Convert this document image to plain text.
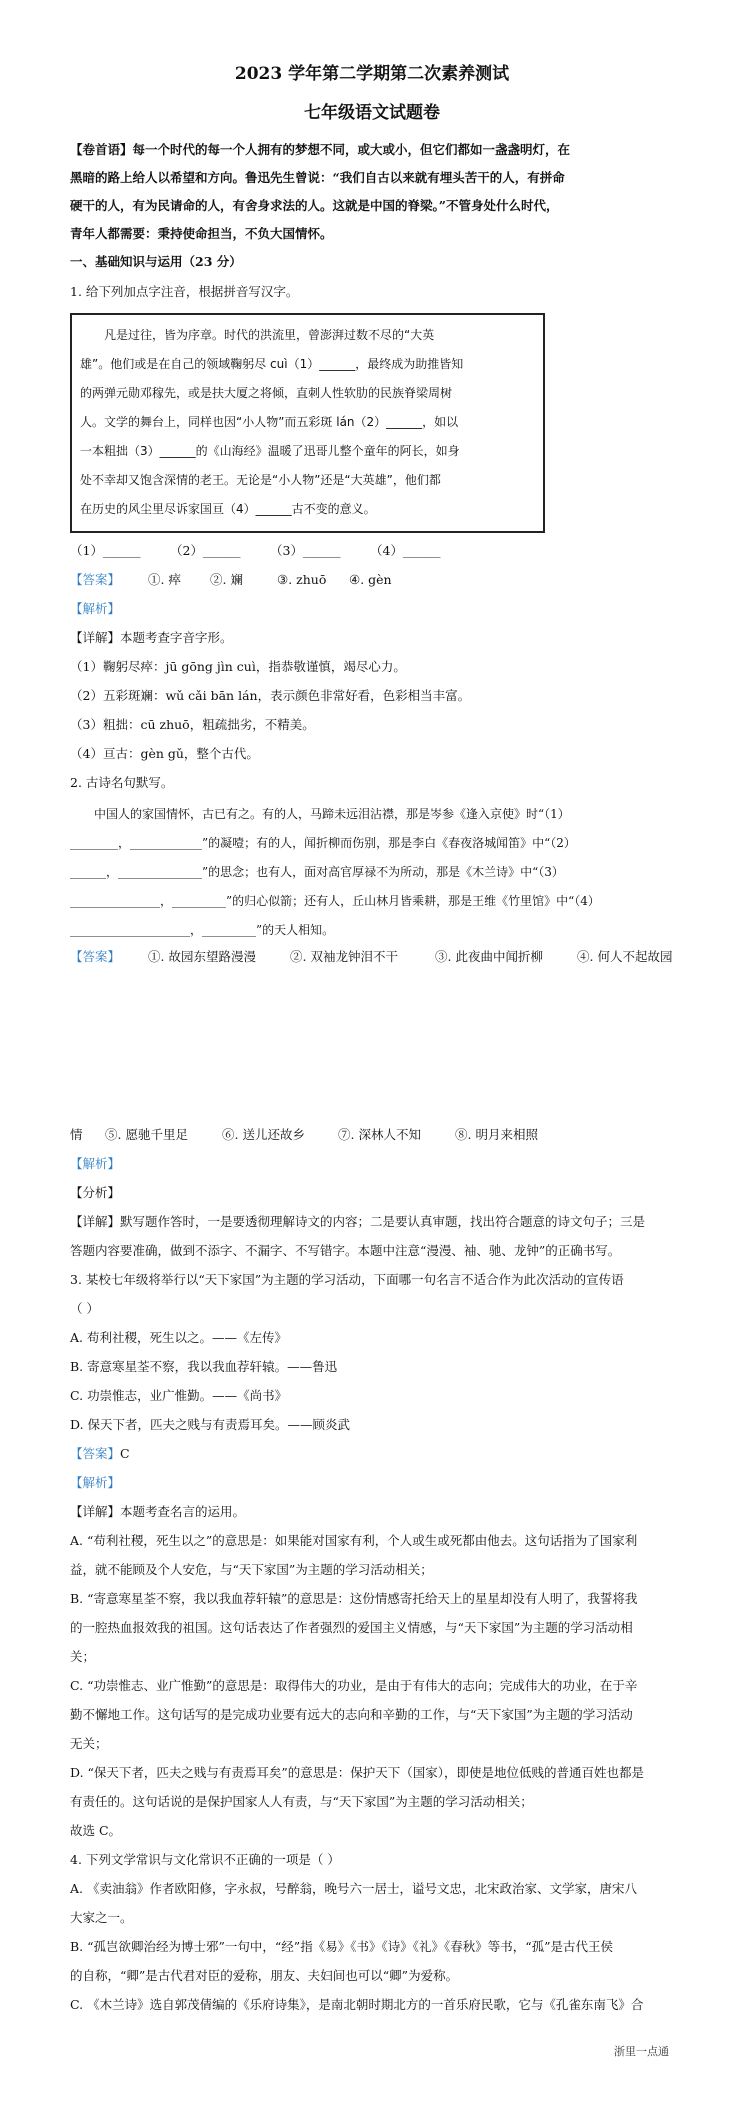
2023 学年第二学期第二次素养测试
七年级语文试题卷
【卷首语】每一个时代的每一个人拥有的梦想不同，或大或小，但它们都如一盏盏明灯，在
黑暗的路上给人以希望和方向。鲁迅先生曾说：“我们自古以来就有埋头苦干的人，有拼命
硬干的人，有为民请命的人，有舍身求法的人。这就是中国的脊梁。”不管身处什么时代，
青年人都需要：秉持使命担当，不负大国情怀。
一、基础知识与运用（23 分）
1. 给下列加点字注音，根据拼音写汉字。
凡是过往，皆为序章。时代的洪流里，曾澎湃过数不尽的“大英
雄”。他们或是在自己的领域鞠躬尽 cuì（1）______，最终成为助推皆知
的两弹元勋邓稼先，或是扶大厦之将倾，直刺人性软肋的民族脊梁周树
人。文学的舞台上，同样也因“小人物”而五彩斑 lán（2）______，如以
一本粗拙（3）______的《山海经》温暖了迅哥儿整个童年的阿长，如身
处不幸却又饱含深情的老王。无论是“小人物”还是“大英雄”，他们都
在历史的风尘里尽诉家国亘（4）______古不变的意义。
（1）______ （2）______ （3）______ （4）______
【答案】 ①. 瘁 ②. 斓	③. zhuō ④. gèn
【解析】
【详解】本题考查字音字形。
（1）鞠躬尽瘁：jū gōng jìn cuì，指恭敬谨慎，竭尽心力。
（2）五彩斑斓：wǔ cǎi bān lán，表示颜色非常好看，色彩相当丰富。
（3）粗拙：cū zhuō，粗疏拙劣，不精美。
（4）亘古：gèn gǔ，整个古代。
2. 古诗名句默写。
中国人的家国情怀，古已有之。有的人，马蹄未远泪沾襟，那是岑参《逢入京使》时“（1）
________，____________”的凝噎；有的人，闻折柳而伤别，那是李白《春夜洛城闻笛》中“（2）
______，______________”的思念；也有人，面对高官厚禄不为所动，那是《木兰诗》中“（3）
_______________，_________”的归心似箭；还有人，丘山林月皆乘耕，那是王维《竹里馆》中“（4）
____________________，_________”的天人相知。
【答案】 ①. 故园东望路漫漫	②. 双袖龙钟泪不干	③. 此夜曲中闻折柳	④. 何人不起故园
情 ⑤. 愿驰千里足	⑥. 送儿还故乡	⑦. 深林人不知	⑧. 明月来相照
【解析】
【分析】
【详解】默写题作答时，一是要透彻理解诗文的内容；二是要认真审题，找出符合题意的诗文句子；三是
答题内容要准确，做到不添字、不漏字、不写错字。本题中注意“漫漫、袖、驰、龙钟”的正确书写。
3. 某校七年级将举行以“天下家国”为主题的学习活动，下面哪一句名言不适合作为此次活动的宣传语
（ ）
A. 苟利社稷，死生以之。——《左传》
B. 寄意寒星荃不察，我以我血荐轩辕。——鲁迅
C. 功崇惟志，业广惟勤。——《尚书》
D. 保天下者，匹夫之贱与有责焉耳矣。——顾炎武
【答案】C
【解析】
【详解】本题考查名言的运用。
A. “苟利社稷，死生以之”的意思是：如果能对国家有利，个人或生或死都由他去。这句话指为了国家利
益，就不能顾及个人安危，与“天下家国”为主题的学习活动相关；
B. “寄意寒星荃不察，我以我血荐轩辕”的意思是：这份情感寄托给天上的星星却没有人明了，我誓将我
的一腔热血报效我的祖国。这句话表达了作者强烈的爱国主义情感，与“天下家国”为主题的学习活动相
关；
C. “功崇惟志、业广惟勤”的意思是：取得伟大的功业，是由于有伟大的志向；完成伟大的功业，在于辛
勤不懈地工作。这句话写的是完成功业要有远大的志向和辛勤的工作，与“天下家国”为主题的学习活动
无关；
D. “保天下者，匹夫之贱与有责焉耳矣”的意思是：保护天下（国家），即使是地位低贱的普通百姓也都是
有责任的。这句话说的是保护国家人人有责，与“天下家国”为主题的学习活动相关；
故选 C。
4. 下列文学常识与文化常识不正确的一项是（ ）
A. 《卖油翁》作者欧阳修，字永叔，号醉翁，晚号六一居士，谥号文忠，北宋政治家、文学家，唐宋八
大家之一。
B. “孤岂欲卿治经为博士邪”一句中，“经”指《易》《书》《诗》《礼》《春秋》等书，“孤”是古代王侯
的自称，“卿”是古代君对臣的爱称，朋友、夫妇间也可以“卿”为爱称。
C. 《木兰诗》选自郭茂倩编的《乐府诗集》，是南北朝时期北方的一首乐府民歌，它与《孔雀东南飞》合
浙里一点通
